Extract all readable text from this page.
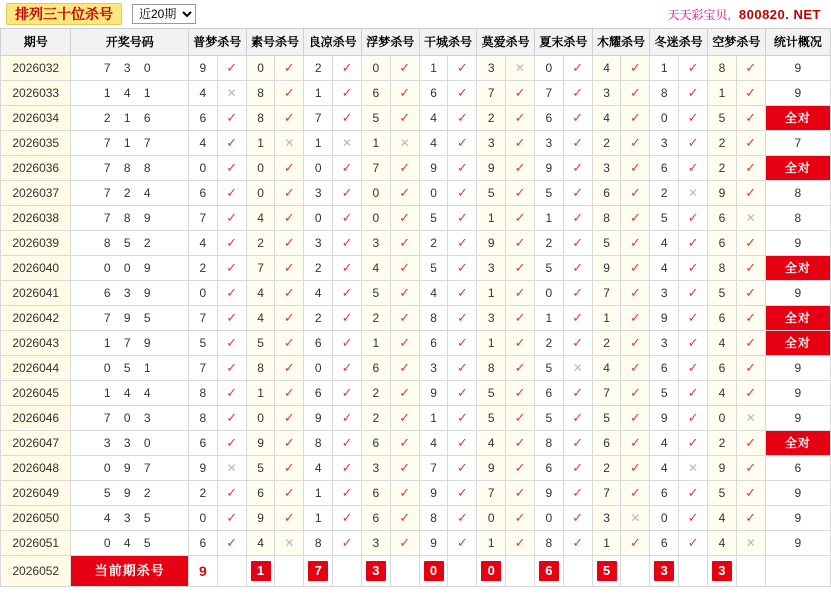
排列三十位杀号
近20期	天天彩宝贝, 800820. NET
期号	开奖号码	普梦杀号		素号杀号		良凉杀号		浮梦杀号		干城杀号		莫爱杀号		夏末杀号		木耀杀号		冬迷杀号		空梦杀号		统计概况
2026032	7 3 0	9	✓	0	✓	2	✓	0	✓	1	✓	3	✕	0	✓	4	✓	1	✓	8	✓	9
2026033	1 4 1	4	✕	8	✓	1	✓	6	✓	6	✓	7	✓	7	✓	3	✓	8	✓	1	✓	9
2026034	2 1 6	6	✓	8	✓	7	✓	5	✓	4	✓	2	✓	6	✓	4	✓	0	✓	5	✓	全对
2026035	7 1 7	4	✓	1	✕	1	✕	1	✕	4	✓	3	✓	3	✓	2	✓	3	✓	2	✓	7
2026036	7 8 8	0	✓	0	✓	0	✓	7	✓	9	✓	9	✓	9	✓	3	✓	6	✓	2	✓	全对
2026037	7 2 4	6	✓	0	✓	3	✓	0	✓	0	✓	5	✓	5	✓	6	✓	2	✕	9	✓	8
2026038	7 8 9	7	✓	4	✓	0	✓	0	✓	5	✓	1	✓	1	✓	8	✓	5	✓	6	✕	8
2026039	8 5 2	4	✓	2	✓	3	✓	3	✓	2	✓	9	✓	2	✓	5	✓	4	✓	6	✓	9
2026040	0 0 9	2	✓	7	✓	2	✓	4	✓	5	✓	3	✓	5	✓	9	✓	4	✓	8	✓	全对
2026041	6 3 9	0	✓	4	✓	4	✓	5	✓	4	✓	1	✓	0	✓	7	✓	3	✓	5	✓	9
2026042	7 9 5	7	✓	4	✓	2	✓	2	✓	8	✓	3	✓	1	✓	1	✓	9	✓	6	✓	全对
2026043	1 7 9	5	✓	5	✓	6	✓	1	✓	6	✓	1	✓	2	✓	2	✓	3	✓	4	✓	全对
2026044	0 5 1	7	✓	8	✓	0	✓	6	✓	3	✓	8	✓	5	✕	4	✓	6	✓	6	✓	9
2026045	1 4 4	8	✓	1	✓	6	✓	2	✓	9	✓	5	✓	6	✓	7	✓	5	✓	4	✓	9
2026046	7 0 3	8	✓	0	✓	9	✓	2	✓	1	✓	5	✓	5	✓	5	✓	9	✓	0	✕	9
2026047	3 3 0	6	✓	9	✓	8	✓	6	✓	4	✓	4	✓	8	✓	6	✓	4	✓	2	✓	全对
2026048	0 9 7	9	✕	5	✓	4	✓	3	✓	7	✓	9	✓	6	✓	2	✓	4	✕	9	✓	6
2026049	5 9 2	2	✓	6	✓	1	✓	6	✓	9	✓	7	✓	9	✓	7	✓	6	✓	5	✓	9
2026050	4 3 5	0	✓	9	✓	1	✓	6	✓	8	✓	0	✓	0	✓	3	✕	0	✓	4	✓	9
2026051	0 4 5	6	✓	4	✕	8	✓	3	✓	9	✓	1	✓	8	✓	1	✓	6	✓	4	✕	9
2026052	当前期杀号	9		1		7		3		0		0		6		5		3		3		
